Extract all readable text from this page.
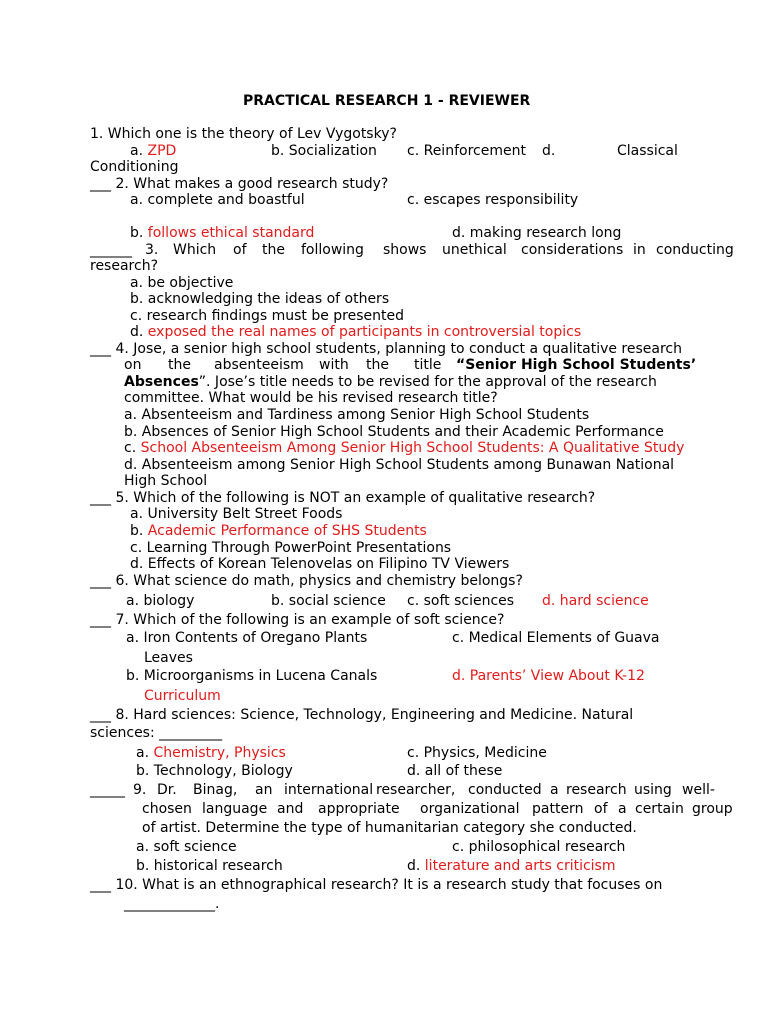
PRACTICAL RESEARCH 1 - REVIEWER
1. Which one is the theory of Lev Vygotsky?
a. ZPD	b. Socialization c. Reinforcement d.	Classical
Conditioning
___ 2. What makes a good research study?
a. complete and boastful	c. escapes responsibility
b. follows ethical standard	d. making research long
______ 3. Which of the following shows unethical considerations in conducting
research?
a. be objective
b. acknowledging the ideas of others
c. research findings must be presented
d. exposed the real names of participants in controversial topics
___ 4. Jose, a senior high school students, planning to conduct a qualitative research
on the absenteeism with the title “Senior High School Students’
Absences”. Jose’s title needs to be revised for the approval of the research
committee. What would be his revised research title?
a. Absenteeism and Tardiness among Senior High School Students
b. Absences of Senior High School Students and their Academic Performance
c. School Absenteeism Among Senior High School Students: A Qualitative Study
d. Absenteeism among Senior High School Students among Bunawan National
High School
___ 5. Which of the following is NOT an example of qualitative research?
a. University Belt Street Foods
b. Academic Performance of SHS Students
c. Learning Through PowerPoint Presentations
d. Effects of Korean Telenovelas on Filipino TV Viewers
___ 6. What science do math, physics and chemistry belongs?
a. biology	b. social science c. soft sciences d. hard science
___ 7. Which of the following is an example of soft science?
a. Iron Contents of Oregano Plants	c. Medical Elements of Guava
Leaves
b. Microorganisms in Lucena Canals	d. Parents’ View About K-12
Curriculum
___ 8. Hard sciences: Science, Technology, Engineering and Medicine. Natural
sciences: _________
a. Chemistry, Physics	c. Physics, Medicine
b. Technology, Biology	d. all of these
_____ 9. Dr. Binag, an international researcher, conducted a research using well-
chosen language and appropriate organizational pattern of a certain group
of artist. Determine the type of humanitarian category she conducted.
a. soft science	c. philosophical research
b. historical research	d. literature and arts criticism
___ 10. What is an ethnographical research? It is a research study that focuses on
_____________.
